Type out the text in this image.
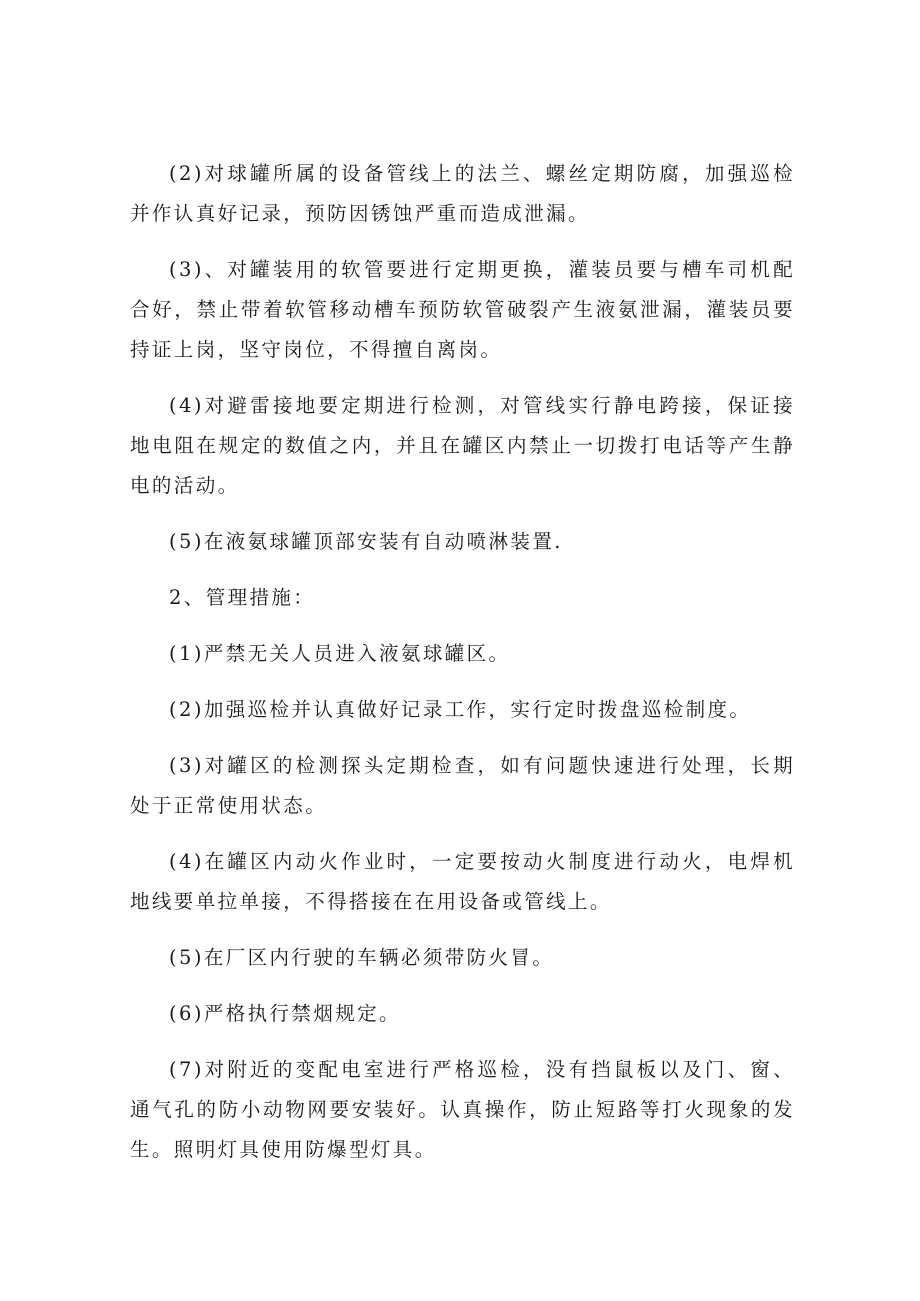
(2)对球罐所属的设备管线上的法兰、螺丝定期防腐，加强巡检并作认真好记录，预防因锈蚀严重而造成泄漏。

(3)、对罐装用的软管要进行定期更换，灌装员要与槽车司机配合好，禁止带着软管移动槽车预防软管破裂产生液氨泄漏，灌装员要持证上岗，坚守岗位，不得擅自离岗。

(4)对避雷接地要定期进行检测，对管线实行静电跨接，保证接地电阻在规定的数值之内，并且在罐区内禁止一切拨打电话等产生静电的活动。

(5)在液氨球罐顶部安装有自动喷淋装置.

2、管理措施：

(1)严禁无关人员进入液氨球罐区。

(2)加强巡检并认真做好记录工作，实行定时拨盘巡检制度。

(3)对罐区的检测探头定期检查，如有问题快速进行处理，长期处于正常使用状态。

(4)在罐区内动火作业时，一定要按动火制度进行动火，电焊机地线要单拉单接，不得搭接在在用设备或管线上。

(5)在厂区内行驶的车辆必须带防火冒。

(6)严格执行禁烟规定。

(7)对附近的变配电室进行严格巡检，没有挡鼠板以及门、窗、通气孔的防小动物网要安装好。认真操作，防止短路等打火现象的发生。照明灯具使用防爆型灯具。
